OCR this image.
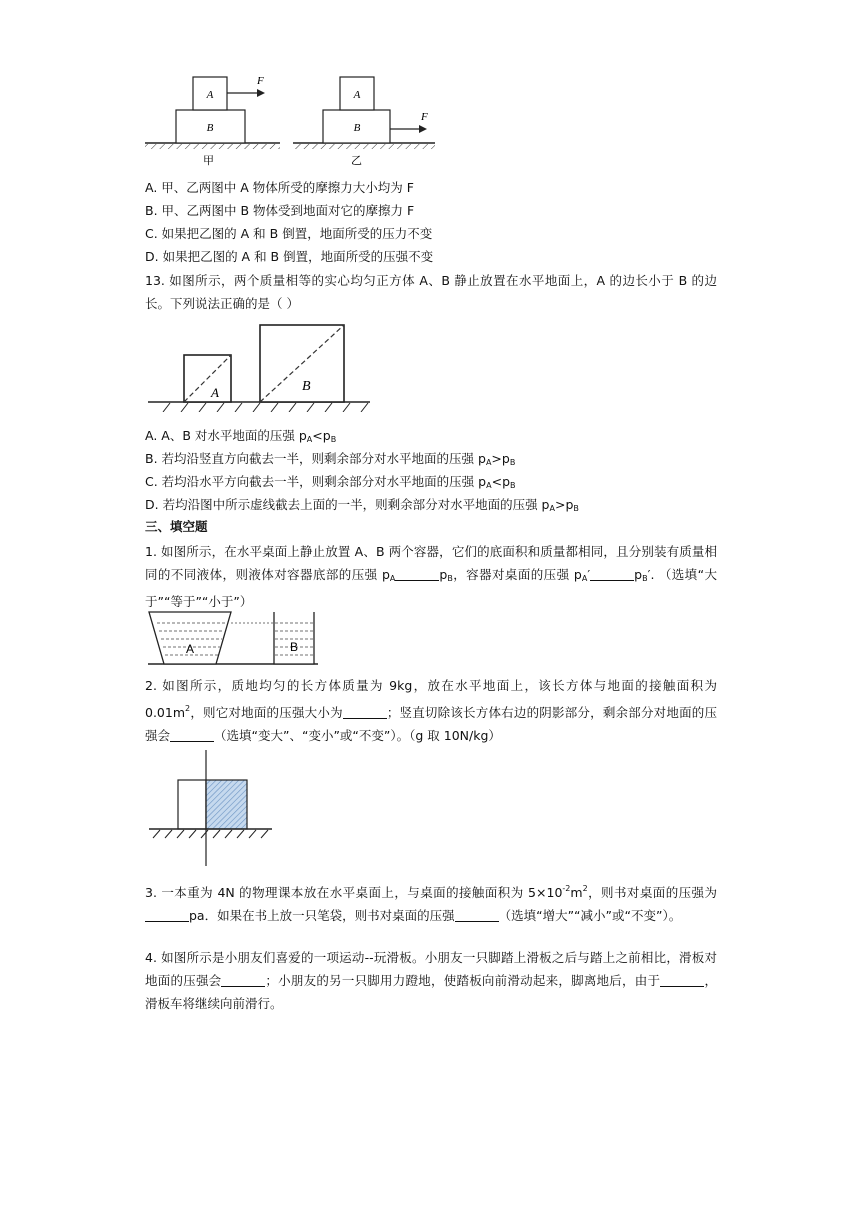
A
B
F
甲
A
B
F
乙
A. 甲、乙两图中 A 物体所受的摩擦力大小均为 F
B. 甲、乙两图中 B 物体受到地面对它的摩擦力 F
C. 如果把乙图的 A 和 B 倒置，地面所受的压力不变
D. 如果把乙图的 A 和 B 倒置，地面所受的压强不变
13. 如图所示，两个质量相等的实心均匀正方体 A、B 静止放置在水平地面上，A 的边长小于 B 的边长。下列说法正确的是（ ）
A	B
A. A、B 对水平地面的压强 $p_A<p_B$
B. 若均沿竖直方向截去一半，则剩余部分对水平地面的压强 $p_A>p_B$
C. 若均沿水平方向截去一半，则剩余部分对水平地面的压强 $p_A<p_B$
D. 若均沿图中所示虚线截去上面的一半，则剩余部分对水平地面的压强 $p_A>p_B$
三、填空题
1. 如图所示，在水平桌面上静止放置 A、B 两个容器，它们的底面积和质量都相同，且分别装有质量相同的不同液体，则液体对容器底部的压强 $p_A$	$p_B$，容器对桌面的压强 $p_A'$	$p_B'$. （选填“大于”“等于”“小于”）
A	B
2. 如图所示，质地均匀的长方体质量为 9kg，放在水平地面上，该长方体与地面的接触面积为 $0.01m^2$，则它对地面的压强大小为	；竖直切除该长方体右边的阴影部分，剩余部分对地面的压强会	（选填“变大”、“变小”或“不变”）。（g 取 10N/kg）
3. 一本重为 4N 的物理课本放在水平桌面上，与桌面的接触面积为 $5\times 10^{-2}m^2$，则书对桌面的压强为pa．如果在书上放一只笔袋，则书对桌面的压强	（选填“增大”“减小”或“不变”）。
4. 如图所示是小朋友们喜爱的一项运动--玩滑板。小朋友一只脚踏上滑板之后与踏上之前相比，滑板对地面的压强会	；小朋友的另一只脚用力蹬地，使踏板向前滑动起来，脚离地后，由于	，滑板车将继续向前滑行。
